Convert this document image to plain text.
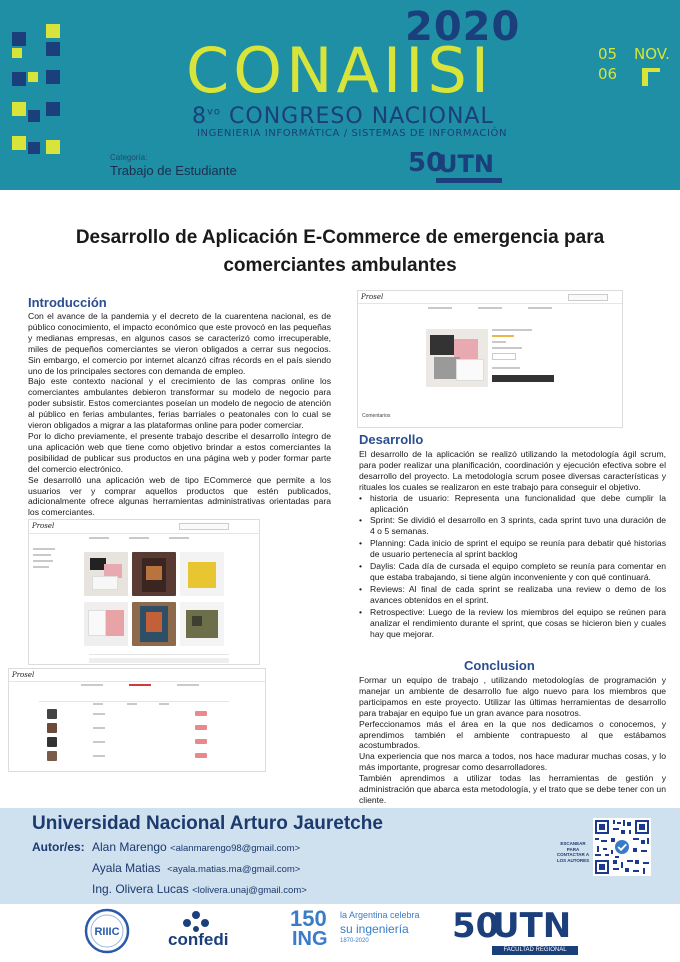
2020
CONAIISI	05
06
NOV.
$8^{vo}$ CONGRESO NACIONAL
INGENIERIA INFORMÁTICA / SISTEMAS DE INFORMACIÓN
Categoría:
Trabajo de Estudiante	50
UTN
Desarrollo de Aplicación E-Commerce de emergencia para
comerciantes ambulantes
Introducción

Con el avance de la pandemia y el decreto de la cuarentena nacional, es de público conocimiento, el impacto económico que este provocó en las pequeñas y medianas empresas, en algunos casos se caracterizó como irrecuperable, miles de pequeños comerciantes se vieron obligados a cerrar sus negocios. Sin embargo, el comercio por internet alcanzó cifras récords en el país siendo uno de los principales sectores con demanda de empleo.

Bajo este contexto nacional y el crecimiento de las compras online los comerciantes ambulantes debieron transformar su modelo de negocio para poder subsistir. Estos comerciantes poseían un modelo de negocio de atención al público en ferias ambulantes, ferias barriales o peatonales con lo cual se vieron obligados a migrar a las plataformas online para poder comerciar.

Por lo dicho previamente, el presente trabajo describe el desarrollo íntegro de una aplicación web que tiene como objetivo brindar a estos comerciantes la posibilidad de publicar sus productos en una página web y poder formar parte del comercio electrónico.

Se desarrolló una aplicación web de tipo ECommerce que permite a los usuarios ver y comprar aquellos productos que estén publicados, adicionalmente ofrece algunas herramientas administrativas orientadas para los comerciantes.

Prosel
Prosel
Prosel
Comentarios
Desarrollo

El desarrollo de la aplicación se realizó utilizando la metodología ágil scrum, para poder realizar una planificación, coordinación y ejecución efectiva sobre el desarrollo del proyecto. La metodología scrum posee diversas características y rituales los cuales se realizaron en este trabajo para conseguir el objetivo.

• historia de usuario: Representa una funcionalidad que debe cumplir la aplicación
• Sprint: Se dividió el desarrollo en 3 sprints, cada sprint tuvo una duración de 4 o 5 semanas.
• Planning: Cada inicio de sprint el equipo se reunía para debatir qué historias de usuario pertenecía al sprint backlog
• Daylis: Cada día de cursada el equipo completo se reunía para comentar en que estaba trabajando, si tiene algún inconveniente y con qué continuará.
• Reviews: Al final de cada sprint se realizaba una review o demo de los avances obtenidos en el sprint.
• Retrospective: Luego de la review los miembros del equipo se reúnen para analizar el rendimiento durante el sprint, que cosas se hicieron bien y cuales hay que mejorar.
Conclusion

Formar un equipo de trabajo , utilizando metodologías de programación y manejar un ambiente de desarrollo fue algo nuevo para los miembros que participamos en este proyecto. Utilizar las últimas herramientas de desarrollo para trabajar en equipo fue un gran avance para nosotros.

Perfeccionamos más el área en la que nos dedicamos o conocemos, y aprendimos también el ambiente contrapuesto al que estábamos acostumbrados.

Una experiencia que nos marca a todos, nos hace madurar muchas cosas, y lo más importante, progresar como desarrolladores.

También aprendimos a utilizar todas las herramientas de gestión y administración que abarca esta metodología, y el trato que se debe tener con un cliente.

Universidad Nacional Arturo Jauretche
Autor/es: Alan Marengo <alanmarengo98@gmail.com>
Ayala Matias <ayala.matias.ma@gmail.com>
Ing. Olivera Lucas <lolivera.unaj@gmail.com>
ESCANEAR PARA CONTACTAR A LOS AUTORES
RIIIC	confedi
150
ING
la Argentina celebra
su ingeniería
1870-2020 50
UTN
FACULTAD REGIONAL
